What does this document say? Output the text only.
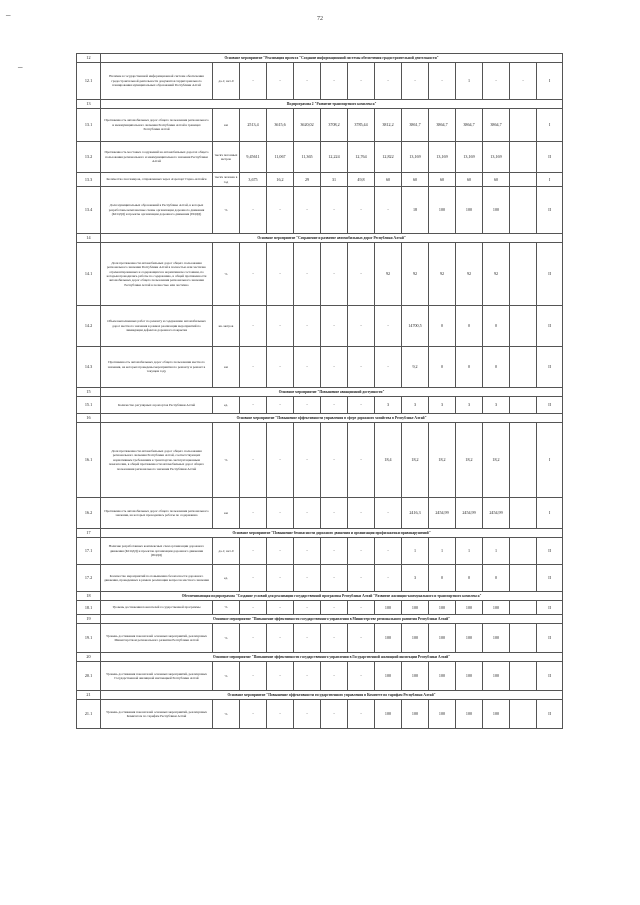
72
–
–
12	Основное мероприятие "Реализация проекта "Создание информационной системы обеспечения градостроительной деятельности"													
12.1	Наличие в государственной информационной системе обеспечения градостроительной деятельности документов территориального планирования муниципальных образований Республики Алтай	да-1; нет-0	-	-	-	-	-	-	-	-	1	-	-	I
13	Подпрограмма 2 "Развитие транспортного комплекса"													
13.1	Протяженность автомобильных дорог общего пользования регионального и межмуниципального значения Республики Алтай в границах Республики Алтай	км	2513,4	3615,6	3620,02	3708,2	3785,44	3812,2	3861,7	3864,7	3864,7	3864,7		I
13.2	Протяженность мостовых сооружений на автомобильных дорогах общего пользования регионального и межмуниципального значения Республики Алтай	тысяч погонных метров	9,45611	11,067	11,365	12,224	12,764	12,822	13,169	13,169	13,169	13,169		II
13.3	Количество пассажиров, отправленных через Аэропорт Горно-Алтайск	тысяч человек в год	3,675	16,2	29	31	49,8	60	60	60	60	60		I
13.4	Доля муниципальных образований в Республике Алтай, в которых разработаны комплексные схемы организации дорожного движения (КСОДД) и проекты организации дорожного движения (ПОДД)	%	-	-	-	-	-	-	18	100	100	100		II
14	Основное мероприятие "Сохранение и развитие автомобильных дорог Республики Алтай"													
14.1	Доля протяженности автомобильных дорог общего пользования регионального значения Республики Алтай в полностью или частично отремонтированных и содержащихся в нормативном состоянии, по которым проводились работы по содержанию, в общей протяженности автомобильных дорог общего пользования регионального значения Республики Алтай в полностью или частично	%	-	-	-	-	-	92	92	92	92	92		II
14.2	Объем выполненных работ по ремонту и содержанию автомобильных дорог местного значения в рамках реализации мероприятий по ликвидации дефектов дорожного покрытия	кв. метров	-	-	-	-	-	-	14700,5	0	0	0		II
14.3	Протяженность автомобильных дорог общего пользования местного значения, на которых проведены мероприятия по ремонту и ремонт в текущем году	км	-	-	-	-	-	-	9,2	0	0	0		II
15	Основное мероприятие "Повышение авиационной доступности"													
15.1	Количество регулярных аэропортов Республики Алтай	ед.	-	-	-	-	-	3	3	3	3	3		II
16	Основное мероприятие "Повышение эффективности управления в сфере дорожного хозяйства в Республике Алтай"													
16.1	Доля протяженности автомобильных дорог общего пользования регионального значения Республики Алтай, соответствующих нормативным требованиям к транспортно-эксплуатационным показателям, в общей протяженности автомобильных дорог общего пользования регионального значения Республики Алтай	%	-	-	-	-	-	18,4	18,2	18,2	18,2	18,2		I
16.2	Протяженность автомобильных дорог общего пользования регионального значения, на которых проводились работы по содержанию	км	-	-	-	-	-	-	2416,3	2454,99	2454,99	2454,99		I
17	Основное мероприятие "Повышение безопасности дорожного движения и организация профилактики правонарушений"													
17.1	Наличие разработанных комплексных схем организации дорожного движения (КСОДД) и проектов организации дорожного движения (ПОДД)	да-1; нет-0	-	-	-	-	-	-	1	1	1	1		II
17.2	Количество мероприятий по повышению безопасности дорожного движения, проведенных в рамках реализации вопросов местного значения	ед.	-	-	-	-	-	-	3	0	0	0		II
18	Обеспечивающая подпрограмма "Создание условий для реализации государственной программы Республики Алтай "Развитие жилищно-коммунального и транспортного комплекса"													
18.1	Уровень достижения показателей государственной программы	%	-	-	-	-	-	100	100	100	100	100		II
19	Основное мероприятие "Повышение эффективности государственного управления в Министерстве регионального развития Республики Алтай"													
19.1	Уровень достижения показателей основных мероприятий, реализуемых Министерством регионального развития Республики Алтай	%	-	-	-	-	-	100	100	100	100	100		II
20	Основное мероприятие "Повышение эффективности государственного управления в Государственной жилищной инспекции Республики Алтай"													
20.1	Уровень достижения показателей основных мероприятий, реализуемых Государственной жилищной инспекцией Республики Алтай	%	-	-	-	-	-	100	100	100	100	100		II
21	Основное мероприятие "Повышение эффективности государственного управления в Комитете по тарифам Республики Алтай"													
21.1	Уровень достижения показателей основных мероприятий, реализуемых Комитетом по тарифам Республики Алтай	%	-	-	-	-	-	100	100	100	100	100		II
